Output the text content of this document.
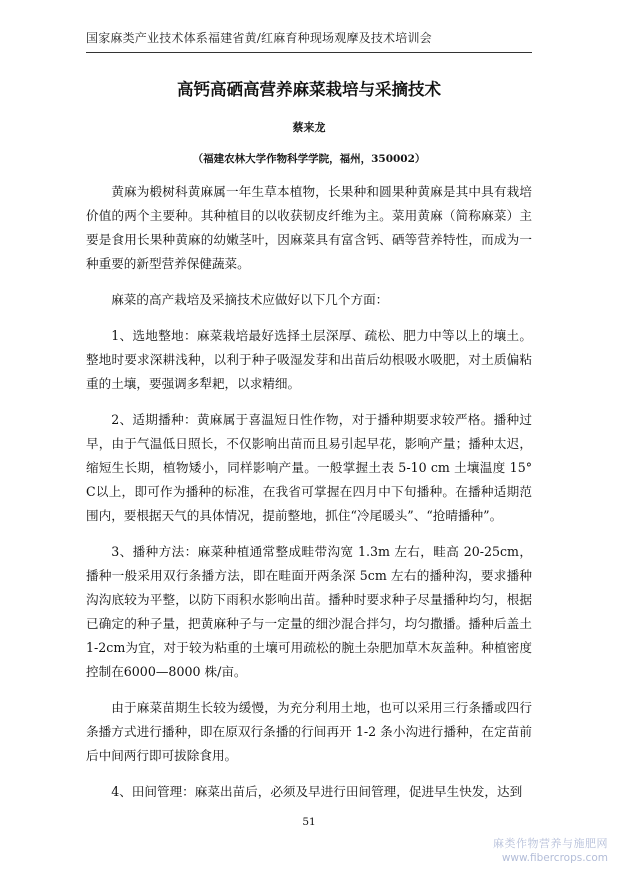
国家麻类产业技术体系福建省黄/红麻育种现场观摩及技术培训会
高钙高硒高营养麻菜栽培与采摘技术
蔡来龙
（福建农林大学作物科学学院，福州，350002）

黄麻为椴树科黄麻属一年生草本植物，长果种和圆果种黄麻是其中具有栽培价值的两个主要种。其种植目的以收获韧皮纤维为主。菜用黄麻（简称麻菜）主要是食用长果种黄麻的幼嫩茎叶，因麻菜具有富含钙、硒等营养特性，而成为一种重要的新型营养保健蔬菜。

麻菜的高产栽培及采摘技术应做好以下几个方面：

1、选地整地：麻菜栽培最好选择土层深厚、疏松、肥力中等以上的壤土。整地时要求深耕浅种，以利于种子吸湿发芽和出苗后幼根吸水吸肥，对土质偏粘重的土壤，要强调多犁耙，以求精细。

2、适期播种：黄麻属于喜温短日性作物，对于播种期要求较严格。播种过早，由于气温低日照长，不仅影响出苗而且易引起早花，影响产量；播种太迟，缩短生长期，植物矮小，同样影响产量。一般掌握土表 5-10 cm 土壤温度 15° C以上，即可作为播种的标准，在我省可掌握在四月中下旬播种。在播种适期范围内，要根据天气的具体情况，提前整地，抓住“冷尾暖头”、“抢晴播种”。

3、播种方法：麻菜种植通常整成畦带沟宽 1.3m 左右，畦高 20-25cm，播种一般采用双行条播方法，即在畦面开两条深 5cm 左右的播种沟，要求播种沟沟底较为平整，以防下雨积水影响出苗。播种时要求种子尽量播种均匀，根据已确定的种子量，把黄麻种子与一定量的细沙混合拌匀，均匀撒播。播种后盖土 1-2cm为宜，对于较为粘重的土壤可用疏松的腕土杂肥加草木灰盖种。种植密度控制在6000—8000 株/亩。

由于麻菜苗期生长较为缓慢，为充分利用土地，也可以采用三行条播或四行条播方式进行播种，即在原双行条播的行间再开 1-2 条小沟进行播种，在定苗前后中间两行即可拔除食用。

4、田间管理：麻菜出苗后，必须及早进行田间管理，促进早生快发，达到

51
麻类作物营养与施肥网
www.fibercrops.com
